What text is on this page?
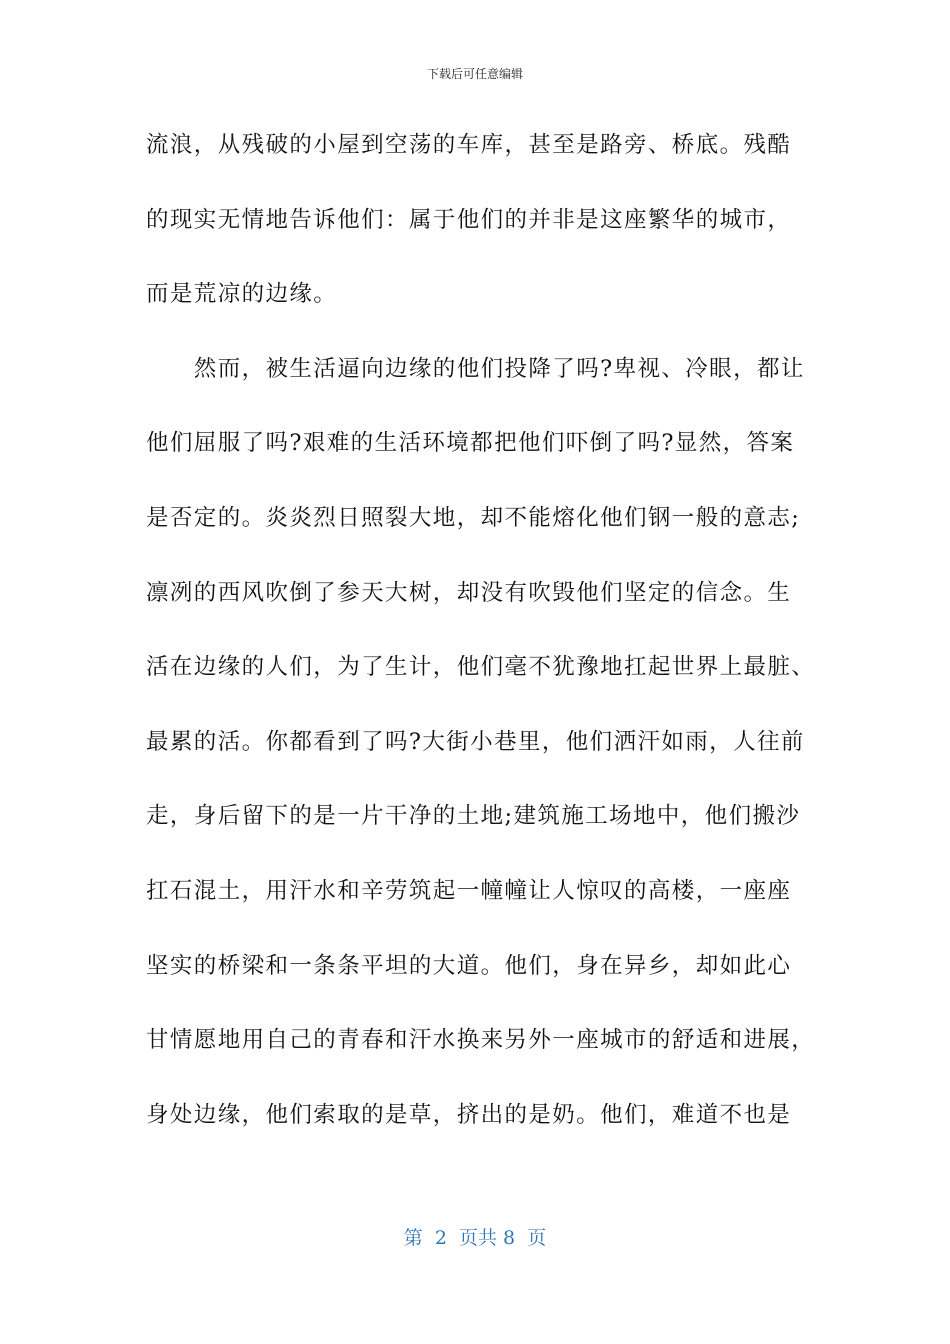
下载后可任意编辑
流浪，从残破的小屋到空荡的车库，甚至是路旁、桥底。残酷
的现实无情地告诉他们：属于他们的并非是这座繁华的城市，
而是荒凉的边缘。
　　然而，被生活逼向边缘的他们投降了吗?卑视、冷眼，都让
他们屈服了吗?艰难的生活环境都把他们吓倒了吗?显然，答案
是否定的。炎炎烈日照裂大地，却不能熔化他们钢一般的意志;
凛冽的西风吹倒了参天大树，却没有吹毁他们坚定的信念。生
活在边缘的人们，为了生计，他们毫不犹豫地扛起世界上最脏、
最累的活。你都看到了吗?大街小巷里，他们洒汗如雨，人往前
走，身后留下的是一片干净的土地;建筑施工场地中，他们搬沙
扛石混土，用汗水和辛劳筑起一幢幢让人惊叹的高楼，一座座
坚实的桥梁和一条条平坦的大道。他们，身在异乡，却如此心
甘情愿地用自己的青春和汗水换来另外一座城市的舒适和进展，
身处边缘，他们索取的是草，挤出的是奶。他们，难道不也是
第  2  页共 8  页
